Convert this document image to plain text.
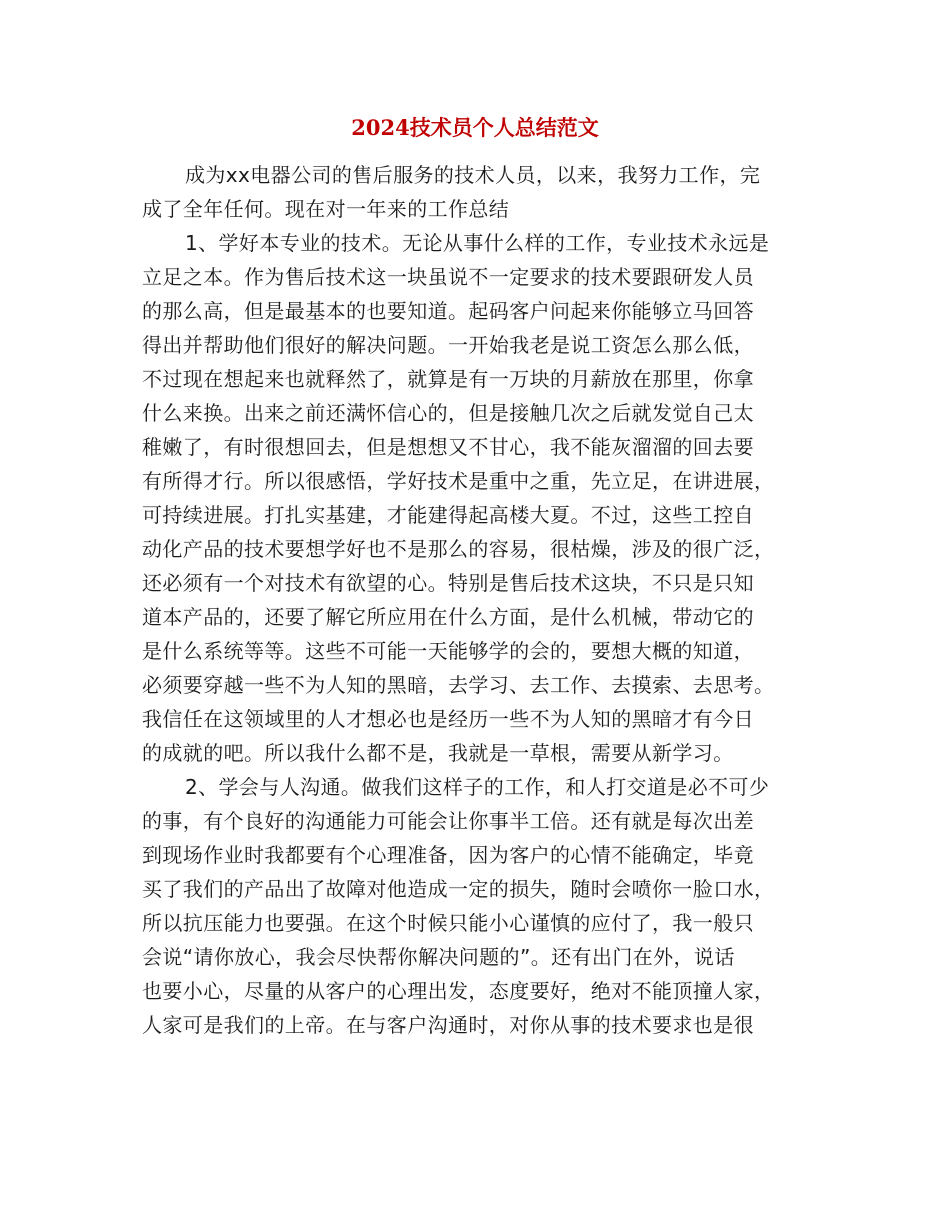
2024技术员个人总结范文
成为xx电器公司的售后服务的技术人员，以来，我努力工作，完
成了全年任何。现在对一年来的工作总结
1、学好本专业的技术。无论从事什么样的工作，专业技术永远是
立足之本。作为售后技术这一块虽说不一定要求的技术要跟研发人员
的那么高，但是最基本的也要知道。起码客户问起来你能够立马回答
得出并帮助他们很好的解决问题。一开始我老是说工资怎么那么低，
不过现在想起来也就释然了，就算是有一万块的月薪放在那里，你拿
什么来换。出来之前还满怀信心的，但是接触几次之后就发觉自己太
稚嫩了，有时很想回去，但是想想又不甘心，我不能灰溜溜的回去要
有所得才行。所以很感悟，学好技术是重中之重，先立足，在讲进展，
可持续进展。打扎实基建，才能建得起高楼大夏。不过，这些工控自
动化产品的技术要想学好也不是那么的容易，很枯燥，涉及的很广泛，
还必须有一个对技术有欲望的心。特别是售后技术这块，不只是只知
道本产品的，还要了解它所应用在什么方面，是什么机械，带动它的
是什么系统等等。这些不可能一天能够学的会的，要想大概的知道，
必须要穿越一些不为人知的黑暗，去学习、去工作、去摸索、去思考。
我信任在这领域里的人才想必也是经历一些不为人知的黑暗才有今日
的成就的吧。所以我什么都不是，我就是一草根，需要从新学习。
2、学会与人沟通。做我们这样子的工作，和人打交道是必不可少
的事，有个良好的沟通能力可能会让你事半工倍。还有就是每次出差
到现场作业时我都要有个心理准备，因为客户的心情不能确定，毕竟
买了我们的产品出了故障对他造成一定的损失，随时会喷你一脸口水，
所以抗压能力也要强。在这个时候只能小心谨慎的应付了，我一般只
会说“请你放心，我会尽快帮你解决问题的”。还有出门在外，说话
也要小心，尽量的从客户的心理出发，态度要好，绝对不能顶撞人家，
人家可是我们的上帝。在与客户沟通时，对你从事的技术要求也是很
